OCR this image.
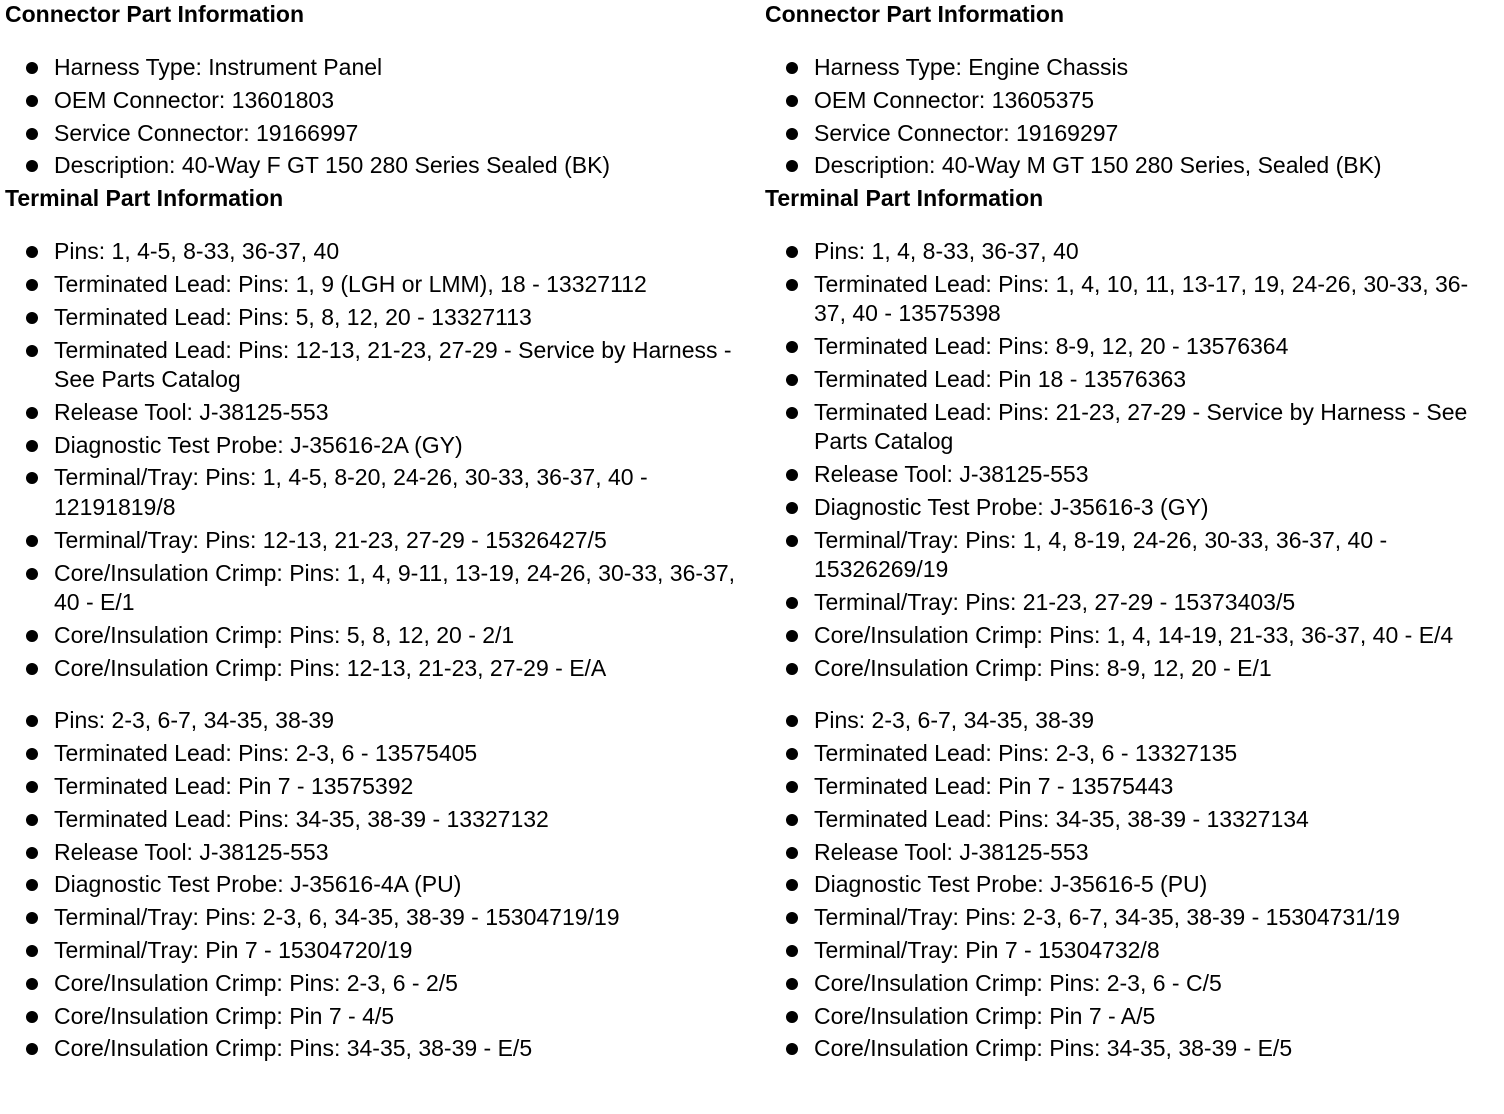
Connector Part Information
Harness Type: Instrument Panel
OEM Connector: 13601803
Service Connector: 19166997
Description: 40-Way F GT 150 280 Series Sealed (BK)
Terminal Part Information
Pins: 1, 4-5, 8-33, 36-37, 40
Terminated Lead: Pins: 1, 9 (LGH or LMM), 18 - 13327112
Terminated Lead: Pins: 5, 8, 12, 20 - 13327113
Terminated Lead: Pins: 12-13, 21-23, 27-29 - Service by Harness - See Parts Catalog
Release Tool: J-38125-553
Diagnostic Test Probe: J-35616-2A (GY)
Terminal/Tray: Pins: 1, 4-5, 8-20, 24-26, 30-33, 36-37, 40 - 12191819/8
Terminal/Tray: Pins: 12-13, 21-23, 27-29 - 15326427/5
Core/Insulation Crimp: Pins: 1, 4, 9-11, 13-19, 24-26, 30-33, 36-37, 40 - E/1
Core/Insulation Crimp: Pins: 5, 8, 12, 20 - 2/1
Core/Insulation Crimp: Pins: 12-13, 21-23, 27-29 - E/A
Pins: 2-3, 6-7, 34-35, 38-39
Terminated Lead: Pins: 2-3, 6 - 13575405
Terminated Lead: Pin 7 - 13575392
Terminated Lead: Pins: 34-35, 38-39 - 13327132
Release Tool: J-38125-553
Diagnostic Test Probe: J-35616-4A (PU)
Terminal/Tray: Pins: 2-3, 6, 34-35, 38-39 - 15304719/19
Terminal/Tray: Pin 7 - 15304720/19
Core/Insulation Crimp: Pins: 2-3, 6 - 2/5
Core/Insulation Crimp: Pin 7 - 4/5
Core/Insulation Crimp: Pins: 34-35, 38-39 - E/5
Connector Part Information
Harness Type: Engine Chassis
OEM Connector: 13605375
Service Connector: 19169297
Description: 40-Way M GT 150 280 Series, Sealed (BK)
Terminal Part Information
Pins: 1, 4, 8-33, 36-37, 40
Terminated Lead: Pins: 1, 4, 10, 11, 13-17, 19, 24-26, 30-33, 36-37, 40 - 13575398
Terminated Lead: Pins: 8-9, 12, 20 - 13576364
Terminated Lead: Pin 18 - 13576363
Terminated Lead: Pins: 21-23, 27-29 - Service by Harness - See Parts Catalog
Release Tool: J-38125-553
Diagnostic Test Probe: J-35616-3 (GY)
Terminal/Tray: Pins: 1, 4, 8-19, 24-26, 30-33, 36-37, 40 - 15326269/19
Terminal/Tray: Pins: 21-23, 27-29 - 15373403/5
Core/Insulation Crimp: Pins: 1, 4, 14-19, 21-33, 36-37, 40 - E/4
Core/Insulation Crimp: Pins: 8-9, 12, 20 - E/1
Pins: 2-3, 6-7, 34-35, 38-39
Terminated Lead: Pins: 2-3, 6 - 13327135
Terminated Lead: Pin 7 - 13575443
Terminated Lead: Pins: 34-35, 38-39 - 13327134
Release Tool: J-38125-553
Diagnostic Test Probe: J-35616-5 (PU)
Terminal/Tray: Pins: 2-3, 6-7, 34-35, 38-39 - 15304731/19
Terminal/Tray: Pin 7 - 15304732/8
Core/Insulation Crimp: Pins: 2-3, 6 - C/5
Core/Insulation Crimp: Pin 7 - A/5
Core/Insulation Crimp: Pins: 34-35, 38-39 - E/5
